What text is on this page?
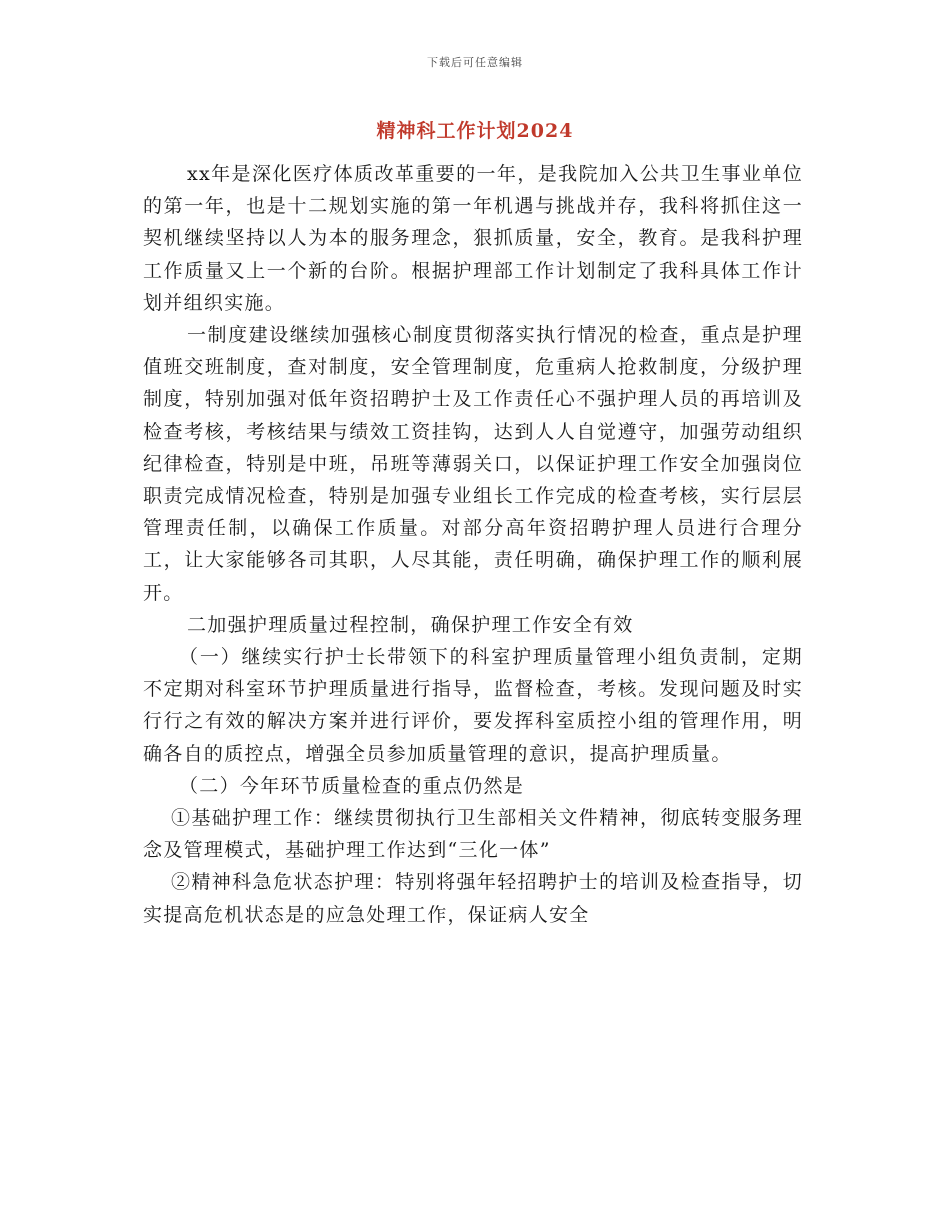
下载后可任意编辑
精神科工作计划2024

xx年是深化医疗体质改革重要的一年，是我院加入公共卫生事业单位的第一年，也是十二规划实施的第一年机遇与挑战并存，我科将抓住这一契机继续坚持以人为本的服务理念，狠抓质量，安全，教育。是我科护理工作质量又上一个新的台阶。根据护理部工作计划制定了我科具体工作计划并组织实施。

一制度建设继续加强核心制度贯彻落实执行情况的检查，重点是护理值班交班制度，查对制度，安全管理制度，危重病人抢救制度，分级护理制度，特别加强对低年资招聘护士及工作责任心不强护理人员的再培训及检查考核，考核结果与绩效工资挂钩，达到人人自觉遵守，加强劳动组织纪律检查，特别是中班，吊班等薄弱关口，以保证护理工作安全加强岗位职责完成情况检查，特别是加强专业组长工作完成的检查考核，实行层层管理责任制，以确保工作质量。对部分高年资招聘护理人员进行合理分工，让大家能够各司其职，人尽其能，责任明确，确保护理工作的顺利展开。

二加强护理质量过程控制，确保护理工作安全有效

（一）继续实行护士长带领下的科室护理质量管理小组负责制，定期不定期对科室环节护理质量进行指导，监督检查，考核。发现问题及时实行行之有效的解决方案并进行评价，要发挥科室质控小组的管理作用，明确各自的质控点，增强全员参加质量管理的意识，提高护理质量。

（二）今年环节质量检查的重点仍然是

①基础护理工作：继续贯彻执行卫生部相关文件精神，彻底转变服务理念及管理模式，基础护理工作达到“三化一体”

②精神科急危状态护理：特别将强年轻招聘护士的培训及检查指导，切实提高危机状态是的应急处理工作，保证病人安全
